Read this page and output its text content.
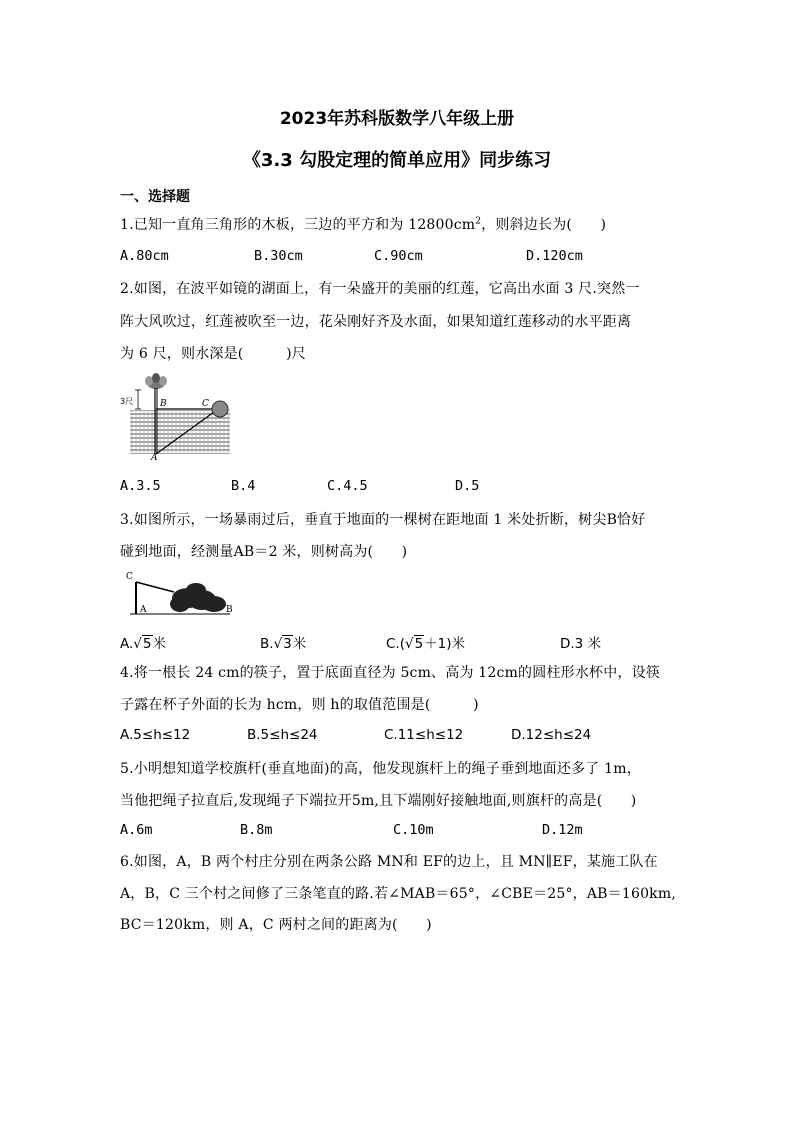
2023年苏科版数学八年级上册
《3.3 勾股定理的简单应用》同步练习
一、选择题
1.已知一直角三角形的木板，三边的平方和为 $12800cm^2$，则斜边长为(　　)
A.80cm	B.30cm	C.90cm	D.120cm
2.如图，在波平如镜的湖面上，有一朵盛开的美丽的红莲，它高出水面 3 尺.突然一
阵大风吹过，红莲被吹至一边，花朵刚好齐及水面，如果知道红莲移动的水平距离
为 6 尺，则水深是(　　　)尺
3尺	B	C
A
A.3.5	B.4	C.4.5	D.5
3.如图所示，一场暴雨过后，垂直于地面的一棵树在距地面 1 米处折断，树尖B恰好
碰到地面，经测量AB＝2 米，则树高为(　　)
C
A	B
A.√5米	B.√3米	C.(√5＋1)米	D.3 米
4.将一根长 24 cm的筷子，置于底面直径为 5cm、高为 12cm的圆柱形水杯中，设筷
子露在杯子外面的长为 hcm，则 h的取值范围是(　　　)
A.5≤h≤12	B.5≤h≤24	C.11≤h≤12	D.12≤h≤24
5.小明想知道学校旗杆(垂直地面)的高，他发现旗杆上的绳子垂到地面还多了 1m，
当他把绳子拉直后,发现绳子下端拉开5m,且下端刚好接触地面,则旗杆的高是(　　)
A.6m	B.8m	C.10m	D.12m
6.如图，A，B 两个村庄分别在两条公路 MN和 EF的边上，且 MN∥EF，某施工队在
A，B，C 三个村之间修了三条笔直的路.若∠MAB＝65°，∠CBE＝25°，AB＝160km,
BC＝120km，则 A，C 两村之间的距离为(　　)
